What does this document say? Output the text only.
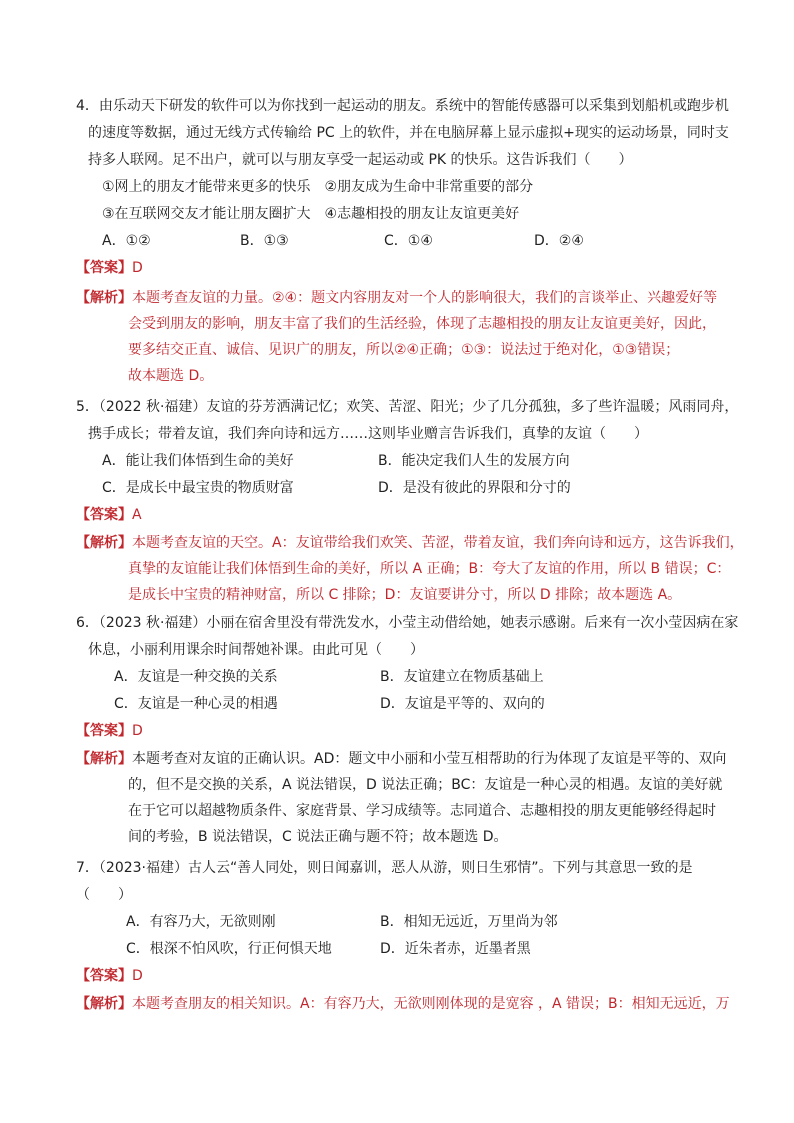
4．由乐动天下研发的软件可以为你找到一起运动的朋友。系统中的智能传感器可以采集到划船机或跑步机
的速度等数据，通过无线方式传输给 PC 上的软件，并在电脑屏幕上显示虚拟+现实的运动场景，同时支
持多人联网。足不出户，就可以与朋友享受一起运动或 PK 的快乐。这告诉我们（　　）
①网上的朋友才能带来更多的快乐　②朋友成为生命中非常重要的部分
③在互联网交友才能让朋友圈扩大　④志趣相投的朋友让友谊更美好
A．①②	B．①③	C．①④	D．②④
【答案】D
【解析】本题考查友谊的力量。②④：题文内容朋友对一个人的影响很大，我们的言谈举止、兴趣爱好等
会受到朋友的影响，朋友丰富了我们的生活经验，体现了志趣相投的朋友让友谊更美好，因此，
要多结交正直、诚信、见识广的朋友，所以②④正确；①③：说法过于绝对化，①③错误；
故本题选 D。
5．（2022 秋·福建）友谊的芬芳洒满记忆；欢笑、苦涩、阳光；少了几分孤独，多了些许温暖；风雨同舟，
携手成长；带着友谊，我们奔向诗和远方……这则毕业赠言告诉我们，真挚的友谊（　　）
A．能让我们体悟到生命的美好	B．能决定我们人生的发展方向
C．是成长中最宝贵的物质财富	D．是没有彼此的界限和分寸的
【答案】A
【解析】本题考查友谊的天空。A：友谊带给我们欢笑、苦涩，带着友谊，我们奔向诗和远方，这告诉我们，
真挚的友谊能让我们体悟到生命的美好，所以 A 正确；B：夸大了友谊的作用，所以 B 错误；C：
是成长中宝贵的精神财富，所以 C 排除；D：友谊要讲分寸，所以 D 排除；故本题选 A。
6．（2023 秋·福建）小丽在宿舍里没有带洗发水，小莹主动借给她，她表示感谢。后来有一次小莹因病在家
休息，小丽利用课余时间帮她补课。由此可见（　　）
A．友谊是一种交换的关系	B．友谊建立在物质基础上
C．友谊是一种心灵的相遇	D．友谊是平等的、双向的
【答案】D
【解析】本题考查对友谊的正确认识。AD：题文中小丽和小莹互相帮助的行为体现了友谊是平等的、双向
的，但不是交换的关系，A 说法错误，D 说法正确；BC：友谊是一种心灵的相遇。友谊的美好就
在于它可以超越物质条件、家庭背景、学习成绩等。志同道合、志趣相投的朋友更能够经得起时
间的考验，B 说法错误，C 说法正确与题不符；故本题选 D。
7．（2023·福建）古人云“善人同处，则日闻嘉训，恶人从游，则日生邪情”。下列与其意思一致的是
（　　）
A．有容乃大，无欲则刚	B．相知无远近，万里尚为邻
C．根深不怕风吹，行正何惧天地	D．近朱者赤，近墨者黑
【答案】D
【解析】本题考查朋友的相关知识。A：有容乃大，无欲则刚体现的是宽容 ，A 错误；B：相知无远近，万
